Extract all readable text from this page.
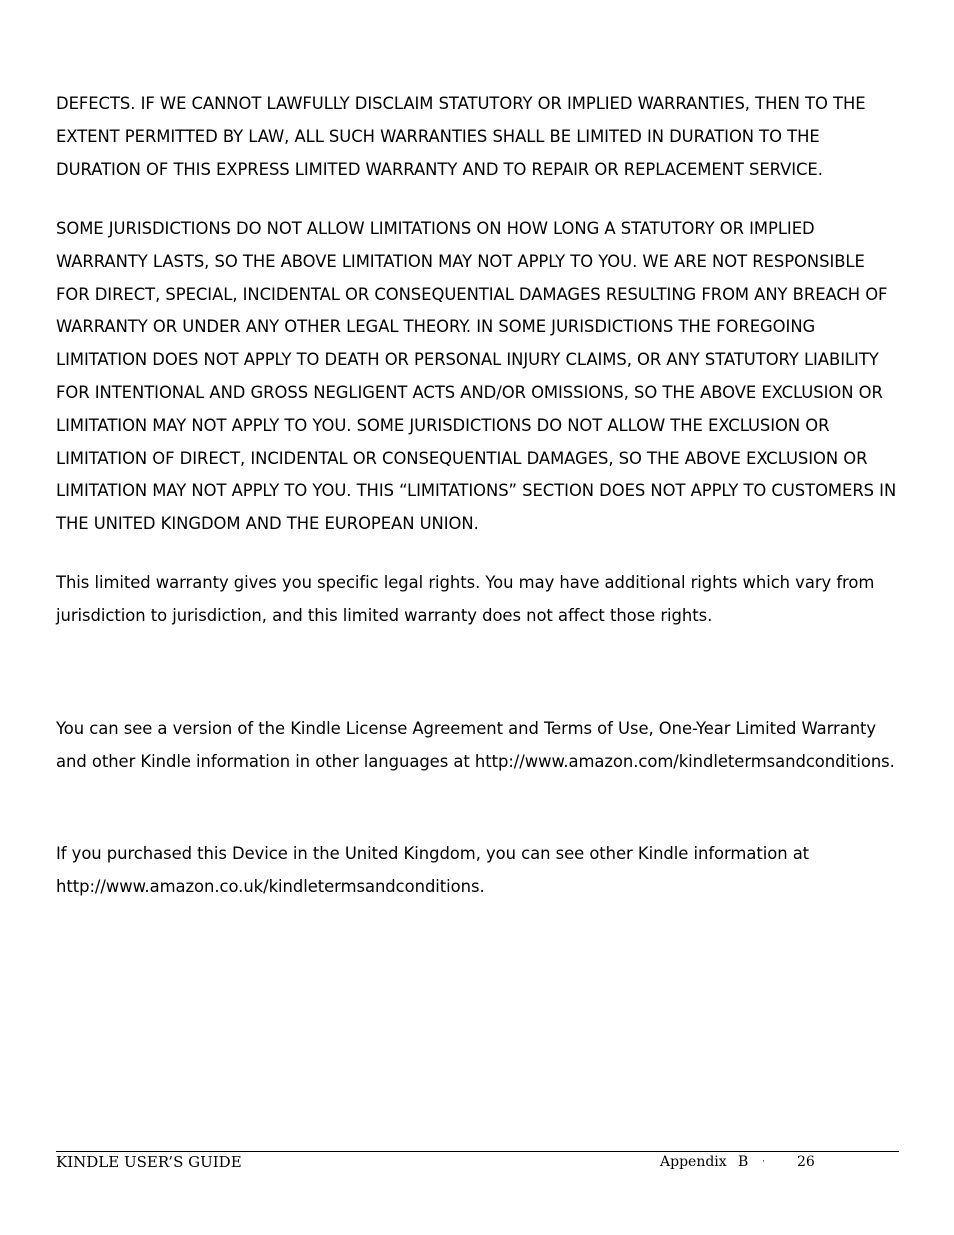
DEFECTS. IF WE CANNOT LAWFULLY DISCLAIM STATUTORY OR IMPLIED WARRANTIES, THEN TO THE EXTENT PERMITTED BY LAW, ALL SUCH WARRANTIES SHALL BE LIMITED IN DURATION TO THE DURATION OF THIS EXPRESS LIMITED WARRANTY AND TO REPAIR OR REPLACEMENT SERVICE.

SOME JURISDICTIONS DO NOT ALLOW LIMITATIONS ON HOW LONG A STATUTORY OR IMPLIED WARRANTY LASTS, SO THE ABOVE LIMITATION MAY NOT APPLY TO YOU. WE ARE NOT RESPONSIBLE FOR DIRECT, SPECIAL, INCIDENTAL OR CONSEQUENTIAL DAMAGES RESULTING FROM ANY BREACH OF WARRANTY OR UNDER ANY OTHER LEGAL THEORY. IN SOME JURISDICTIONS THE FOREGOING LIMITATION DOES NOT APPLY TO DEATH OR PERSONAL INJURY CLAIMS, OR ANY STATUTORY LIABILITY FOR INTENTIONAL AND GROSS NEGLIGENT ACTS AND/OR OMISSIONS, SO THE ABOVE EXCLUSION OR LIMITATION MAY NOT APPLY TO YOU. SOME JURISDICTIONS DO NOT ALLOW THE EXCLUSION OR LIMITATION OF DIRECT, INCIDENTAL OR CONSEQUENTIAL DAMAGES, SO THE ABOVE EXCLUSION OR LIMITATION MAY NOT APPLY TO YOU. THIS “LIMITATIONS” SECTION DOES NOT APPLY TO CUSTOMERS IN THE UNITED KINGDOM AND THE EUROPEAN UNION.

This limited warranty gives you specific legal rights. You may have additional rights which vary from jurisdiction to jurisdiction, and this limited warranty does not affect those rights.

You can see a version of the Kindle License Agreement and Terms of Use, One-Year Limited Warranty and other Kindle information in other languages at http://www.amazon.com/kindletermsandconditions.

If you purchased this Device in the United Kingdom, you can see other Kindle information at http://www.amazon.co.uk/kindletermsandconditions.

KINDLE USER’S GUIDE	Appendix B · 26
